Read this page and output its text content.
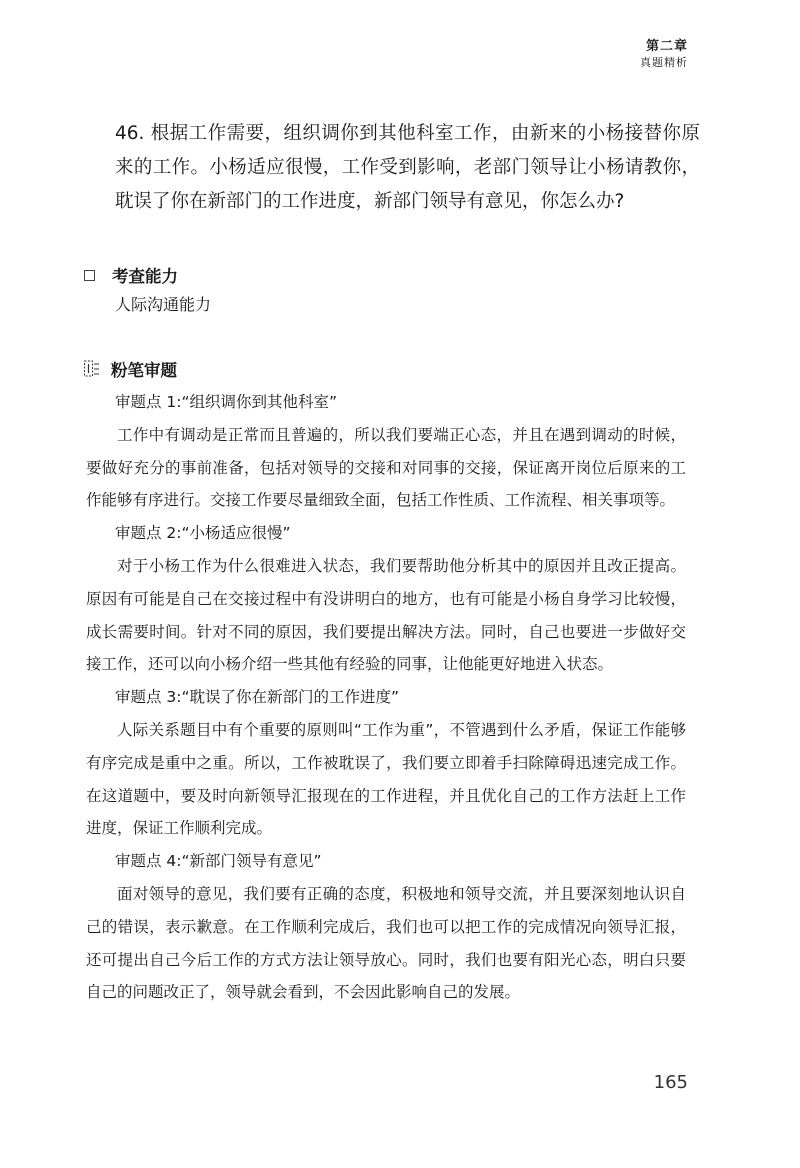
第二章
真题精析
46. 根据工作需要，组织调你到其他科室工作，由新来的小杨接替你原来的工作。小杨适应很慢，工作受到影响，老部门领导让小杨请教你，耽误了你在新部门的工作进度，新部门领导有意见，你怎么办?
考查能力
人际沟通能力
粉笔审题
审题点 1:“组织调你到其他科室”
工作中有调动是正常而且普遍的，所以我们要端正心态，并且在遇到调动的时候，要做好充分的事前准备，包括对领导的交接和对同事的交接，保证离开岗位后原来的工作能够有序进行。交接工作要尽量细致全面，包括工作性质、工作流程、相关事项等。
审题点 2:“小杨适应很慢”
对于小杨工作为什么很难进入状态，我们要帮助他分析其中的原因并且改正提高。原因有可能是自己在交接过程中有没讲明白的地方，也有可能是小杨自身学习比较慢，成长需要时间。针对不同的原因，我们要提出解决方法。同时，自己也要进一步做好交接工作，还可以向小杨介绍一些其他有经验的同事，让他能更好地进入状态。
审题点 3:“耽误了你在新部门的工作进度”
人际关系题目中有个重要的原则叫“工作为重”，不管遇到什么矛盾，保证工作能够有序完成是重中之重。所以，工作被耽误了，我们要立即着手扫除障碍迅速完成工作。在这道题中，要及时向新领导汇报现在的工作进程，并且优化自己的工作方法赶上工作进度，保证工作顺利完成。
审题点 4:“新部门领导有意见”
面对领导的意见，我们要有正确的态度，积极地和领导交流，并且要深刻地认识自己的错误，表示歉意。在工作顺利完成后，我们也可以把工作的完成情况向领导汇报，还可提出自己今后工作的方式方法让领导放心。同时，我们也要有阳光心态，明白只要自己的问题改正了，领导就会看到，不会因此影响自己的发展。
165
